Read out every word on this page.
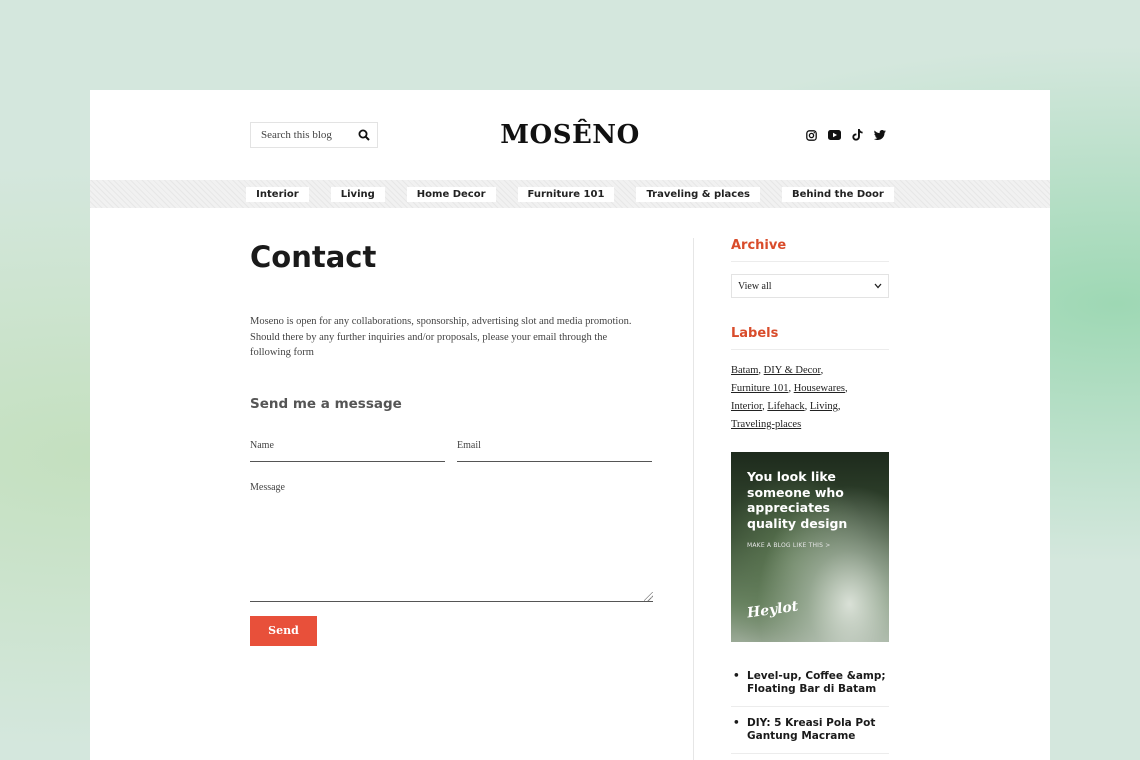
Search this blog	MOSÊNO
Interior	Living	Home Decor	Furniture 101	Traveling & places	Behind the Door
Contact

Moseno is open for any collaborations, sponsorship, advertising slot and media promotion. Should there by any further inquiries and/or proposals, please your email through the following form

Send me a message
Name	Email
Message
Send
Archive
View all
Labels
Batam, DIY & Decor,
Furniture 101, Housewares,
Interior, Lifehack, Living,
Traveling-places
You look like someone who appreciates quality design
MAKE A BLOG LIKE THIS >
Heylot
• Level-up, Coffee &amp; Floating Bar di Batam
• DIY: 5 Kreasi Pola Pot Gantung Macrame
